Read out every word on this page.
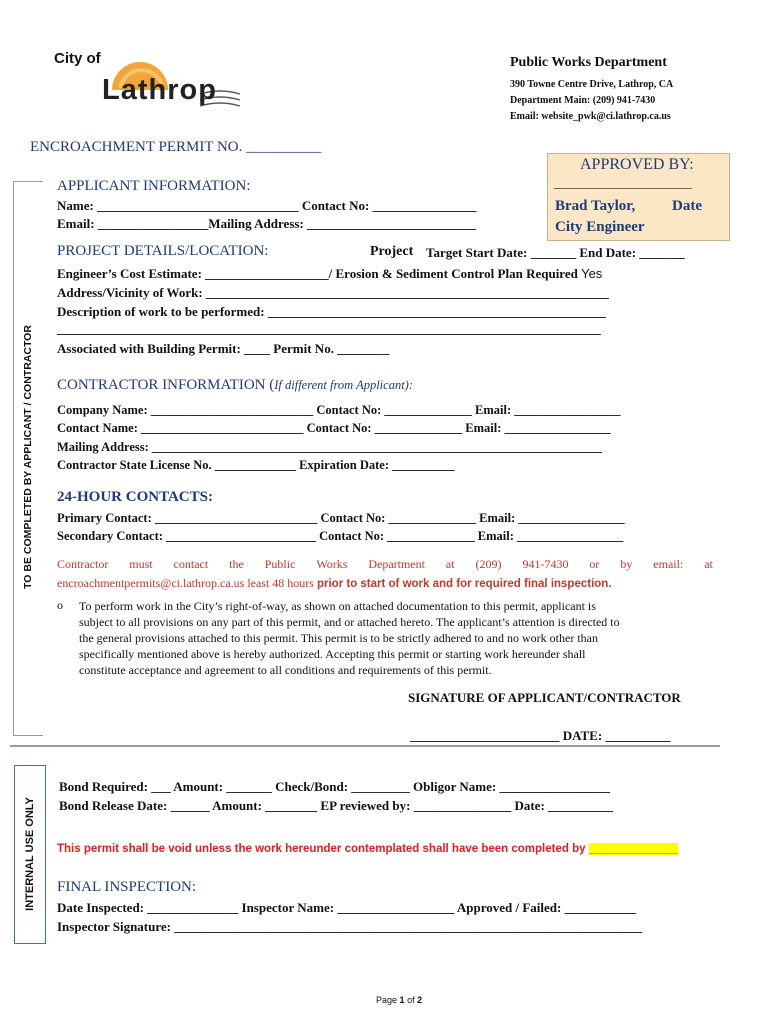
City of
Lathrop
Public Works Department
390 Towne Centre Drive, Lathrop, CA
Department Main: (209) 941-7430
Email: website_pwk@ci.lathrop.ca.us
ENCROACHMENT PERMIT NO. __________
APPROVED BY:
_______________________
Brad Taylor, Date
City Engineer
TO BE COMPLETED BY APPLICANT / CONTRACTOR
APPLICANT INFORMATION:
Name: _______________________________ Contact No: ________________
Email: _________________Mailing Address: __________________________
PROJECT DETAILS/LOCATION:	Project Target Start Date: _______ End Date: _______
Engineer’s Cost Estimate: ___________________/ Erosion & Sediment Control Plan Required Yes
Address/Vicinity of Work: ______________________________________________________________
Description of work to be performed: ____________________________________________________
_______________________________________________________________________________________
Associated with Building Permit: ____ Permit No. ________
CONTRACTOR INFORMATION (If different from Applicant):
Company Name: __________________________ Contact No: ______________ Email: _________________
Contact Name: __________________________ Contact No: ______________ Email: _________________
Mailing Address: ________________________________________________________________________
Contractor State License No. _____________ Expiration Date: __________
24-HOUR CONTACTS:
Primary Contact: __________________________ Contact No: ______________ Email: _________________
Secondary Contact: ________________________ Contact No: ______________ Email: _________________
Contractor must contact the Public Works Department at (209) 941-7430 or by email: at
encroachmentpermits@ci.lathrop.ca.us least 48 hours prior to start of work and for required final inspection.
o To perform work in the City’s right-of-way, as shown on attached documentation to this permit, applicant is
subject to all provisions on any part of this permit, and or attached hereto. The applicant’s attention is directed to
the general provisions attached to this permit. This permit is to be strictly adhered to and no work other than
specifically mentioned above is hereby authorized. Accepting this permit or starting work hereunder shall
constitute acceptance and agreement to all conditions and requirements of this permit.
SIGNATURE OF APPLICANT/CONTRACTOR
_______________________ DATE: __________
INTERNAL USE ONLY
Bond Required: ___ Amount: _______ Check/Bond: _________ Obligor Name: _________________
Bond Release Date: ______ Amount: ________ EP reviewed by: _______________ Date: __________
This permit shall be void unless the work hereunder contemplated shall have been completed by ______________
FINAL INSPECTION:
Date Inspected: ______________ Inspector Name: __________________ Approved / Failed: ___________
Inspector Signature: ________________________________________________________________________
Page 1 of 2
